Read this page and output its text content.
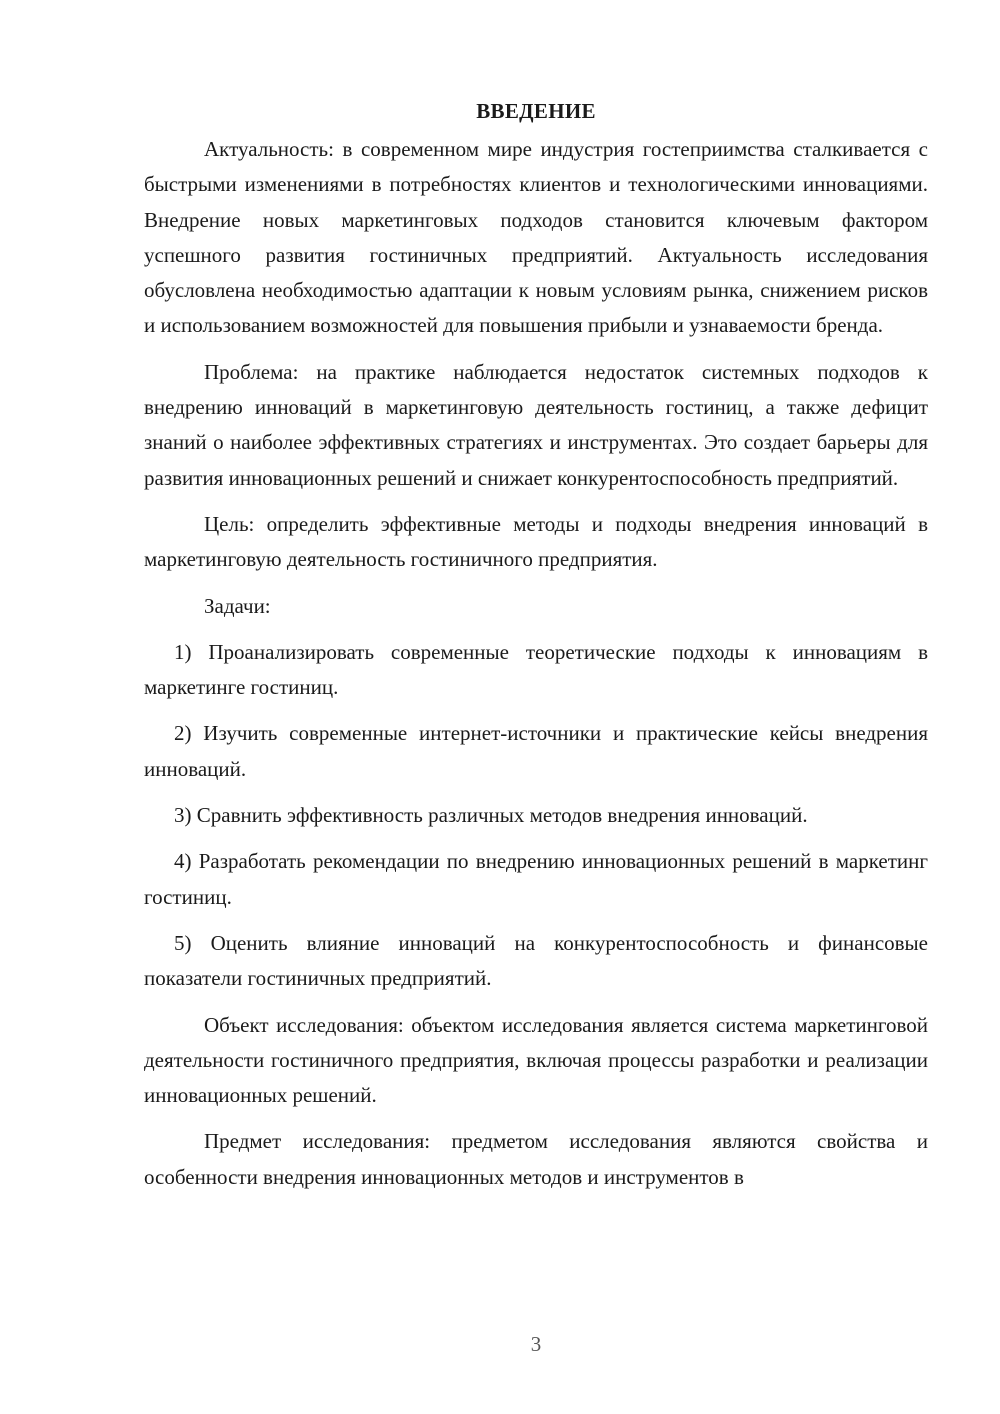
ВВЕДЕНИЕ

Актуальность: в современном мире индустрия гостеприимства сталкивается с быстрыми изменениями в потребностях клиентов и технологическими инновациями. Внедрение новых маркетинговых подходов становится ключевым фактором успешного развития гостиничных предприятий. Актуальность исследования обусловлена необходимостью адаптации к новым условиям рынка, снижением рисков и использованием возможностей для повышения прибыли и узнаваемости бренда.

Проблема: на практике наблюдается недостаток системных подходов к внедрению инноваций в маркетинговую деятельность гостиниц, а также дефицит знаний о наиболее эффективных стратегиях и инструментах. Это создает барьеры для развития инновационных решений и снижает конкурентоспособность предприятий.

Цель: определить эффективные методы и подходы внедрения инноваций в маркетинговую деятельность гостиничного предприятия.

Задачи:

1) Проанализировать современные теоретические подходы к инновациям в маркетинге гостиниц.

2) Изучить современные интернет-источники и практические кейсы внедрения инноваций.

3) Сравнить эффективность различных методов внедрения инноваций.

4) Разработать рекомендации по внедрению инновационных решений в маркетинг гостиниц.

5) Оценить влияние инноваций на конкурентоспособность и финансовые показатели гостиничных предприятий.

Объект исследования: объектом исследования является система маркетинговой деятельности гостиничного предприятия, включая процессы разработки и реализации инновационных решений.

Предмет исследования: предметом исследования являются свойства и особенности внедрения инновационных методов и инструментов в

3
